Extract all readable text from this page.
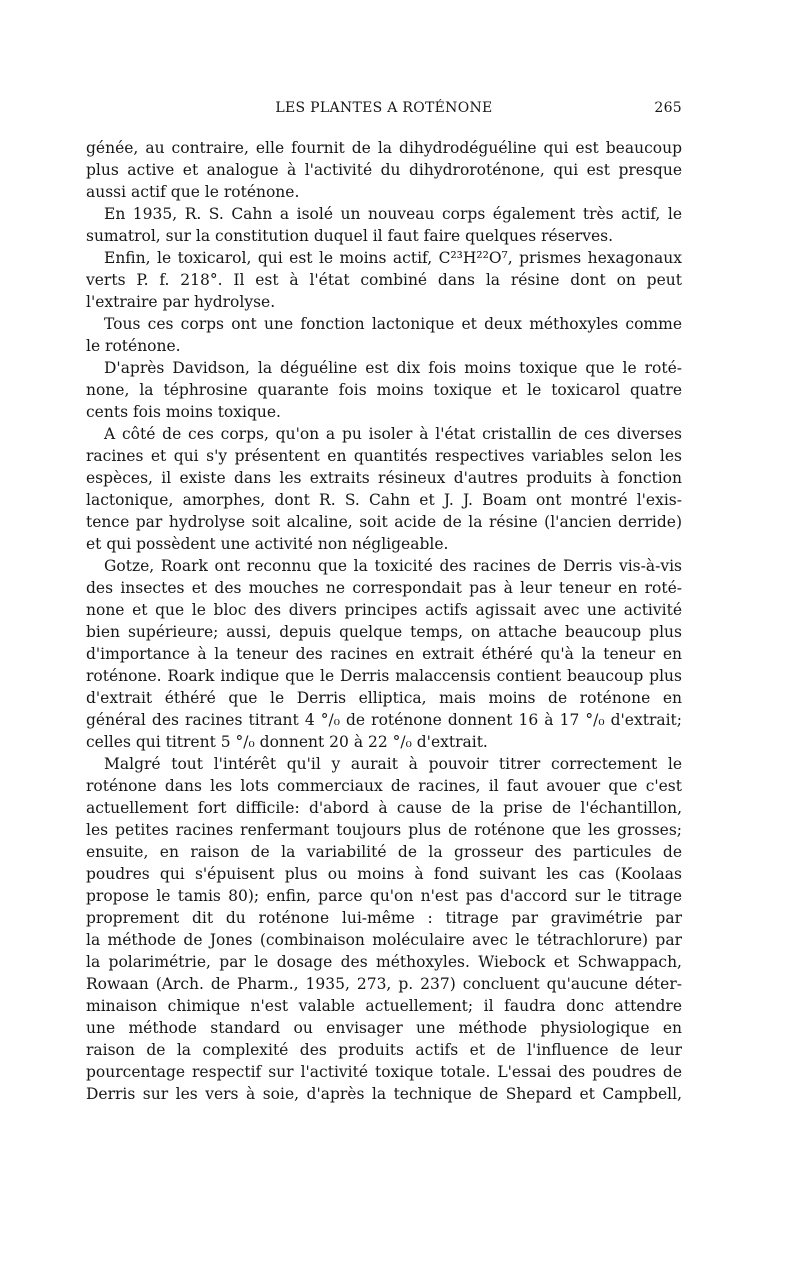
LES PLANTES A ROTÉNONE	265
génée, au contraire, elle fournit de la dihydrodéguéline qui est beaucoup
plus active et analogue à l'activité du dihydroroténone, qui est presque
aussi actif que le roténone.
En 1935, R. S. Cahn a isolé un nouveau corps également très actif, le
sumatrol, sur la constitution duquel il faut faire quelques réserves.
Enfin, le toxicarol, qui est le moins actif, C²³H²²O⁷, prismes hexagonaux
verts P. f. 218°. Il est à l'état combiné dans la résine dont on peut
l'extraire par hydrolyse.
Tous ces corps ont une fonction lactonique et deux méthoxyles comme
le roténone.
D'après Davidson, la déguéline est dix fois moins toxique que le roté-
none, la téphrosine quarante fois moins toxique et le toxicarol quatre
cents fois moins toxique.
A côté de ces corps, qu'on a pu isoler à l'état cristallin de ces diverses
racines et qui s'y présentent en quantités respectives variables selon les
espèces, il existe dans les extraits résineux d'autres produits à fonction
lactonique, amorphes, dont R. S. Cahn et J. J. Boam ont montré l'exis-
tence par hydrolyse soit alcaline, soit acide de la résine (l'ancien derride)
et qui possèdent une activité non négligeable.
Gotze, Roark ont reconnu que la toxicité des racines de Derris vis-à-vis
des insectes et des mouches ne correspondait pas à leur teneur en roté-
none et que le bloc des divers principes actifs agissait avec une activité
bien supérieure; aussi, depuis quelque temps, on attache beaucoup plus
d'importance à la teneur des racines en extrait éthéré qu'à la teneur en
roténone. Roark indique que le Derris malaccensis contient beaucoup plus
d'extrait éthéré que le Derris elliptica, mais moins de roténone en
général des racines titrant 4 °/₀ de roténone donnent 16 à 17 °/₀ d'extrait;
celles qui titrent 5 °/₀ donnent 20 à 22 °/₀ d'extrait.
Malgré tout l'intérêt qu'il y aurait à pouvoir titrer correctement le
roténone dans les lots commerciaux de racines, il faut avouer que c'est
actuellement fort difficile: d'abord à cause de la prise de l'échantillon,
les petites racines renfermant toujours plus de roténone que les grosses;
ensuite, en raison de la variabilité de la grosseur des particules de
poudres qui s'épuisent plus ou moins à fond suivant les cas (Koolaas
propose le tamis 80); enfin, parce qu'on n'est pas d'accord sur le titrage
proprement dit du roténone lui-même : titrage par gravimétrie par
la méthode de Jones (combinaison moléculaire avec le tétrachlorure) par
la polarimétrie, par le dosage des méthoxyles. Wiebock et Schwappach,
Rowaan (Arch. de Pharm., 1935, 273, p. 237) concluent qu'aucune déter-
minaison chimique n'est valable actuellement; il faudra donc attendre
une méthode standard ou envisager une méthode physiologique en
raison de la complexité des produits actifs et de l'influence de leur
pourcentage respectif sur l'activité toxique totale. L'essai des poudres de
Derris sur les vers à soie, d'après la technique de Shepard et Campbell,
